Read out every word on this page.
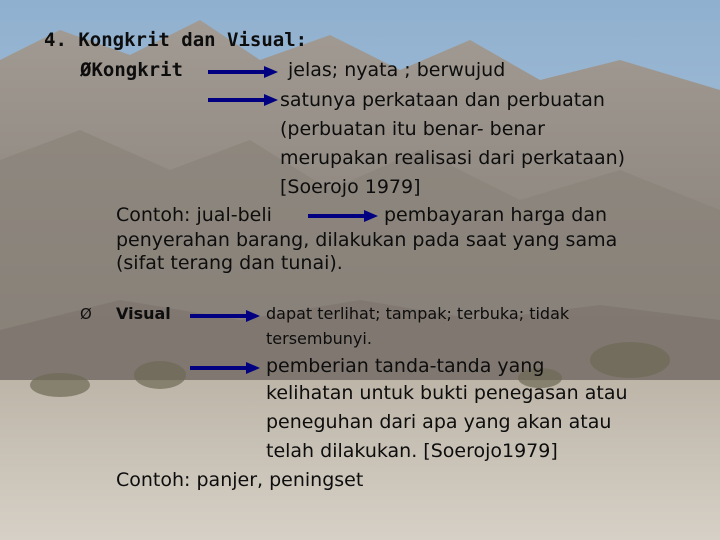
4. Kongkrit dan Visual:
ØKongkrit	jelas; nyata ; berwujud
satunya perkataan dan perbuatan
(perbuatan itu benar- benar
merupakan realisasi dari perkataan)
[Soerojo 1979]
Contoh: jual-beli	pembayaran harga dan
penyerahan barang, dilakukan pada saat yang sama
(sifat terang dan tunai).
Ø Visual	dapat terlihat; tampak; terbuka; tidak
tersembunyi.
pemberian tanda-tanda yang
kelihatan untuk bukti penegasan atau
peneguhan dari apa yang akan atau
telah dilakukan. [Soerojo1979]
Contoh: panjer, peningset
